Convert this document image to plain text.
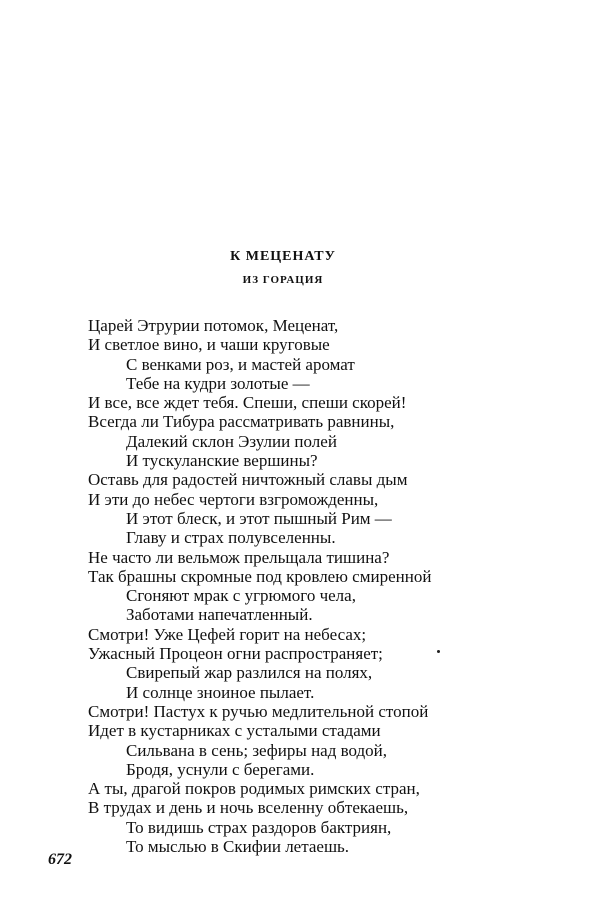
К МЕЦЕНАТУ
ИЗ ГОРАЦИЯ
Царей Этрурии потомок, Меценат,
И светлое вино, и чаши круговые
С венками роз, и мастей аромат
Тебе на кудри золотые —
И все, все ждет тебя. Спеши, спеши скорей!
Всегда ли Тибура рассматривать равнины,
Далекий склон Эзулии полей
И тускуланские вершины?
Оставь для радостей ничтожный славы дым
И эти до небес чертоги взгроможденны,
И этот блеск, и этот пышный Рим —
Главу и страх полувселенны.
Не часто ли вельмож прельщала тишина?
Так брашны скромные под кровлею смиренной
Сгоняют мрак с угрюмого чела,
Заботами напечатленный.
Смотри! Уже Цефей горит на небесах;
Ужасный Процеон огни распространяет;
Свирепый жар разлился на полях,
И солнце зноиное пылает.
Смотри! Пастух к ручью медлительной стопой
Идет в кустарниках с усталыми стадами
Сильвана в сень; зефиры над водой,
Бродя, уснули с берегами.
А ты, драгой покров родимых римских стран,
В трудах и день и ночь вселенну обтекаешь,
То видишь страх раздоров бактриян,
То мыслью в Скифии летаешь.
672
